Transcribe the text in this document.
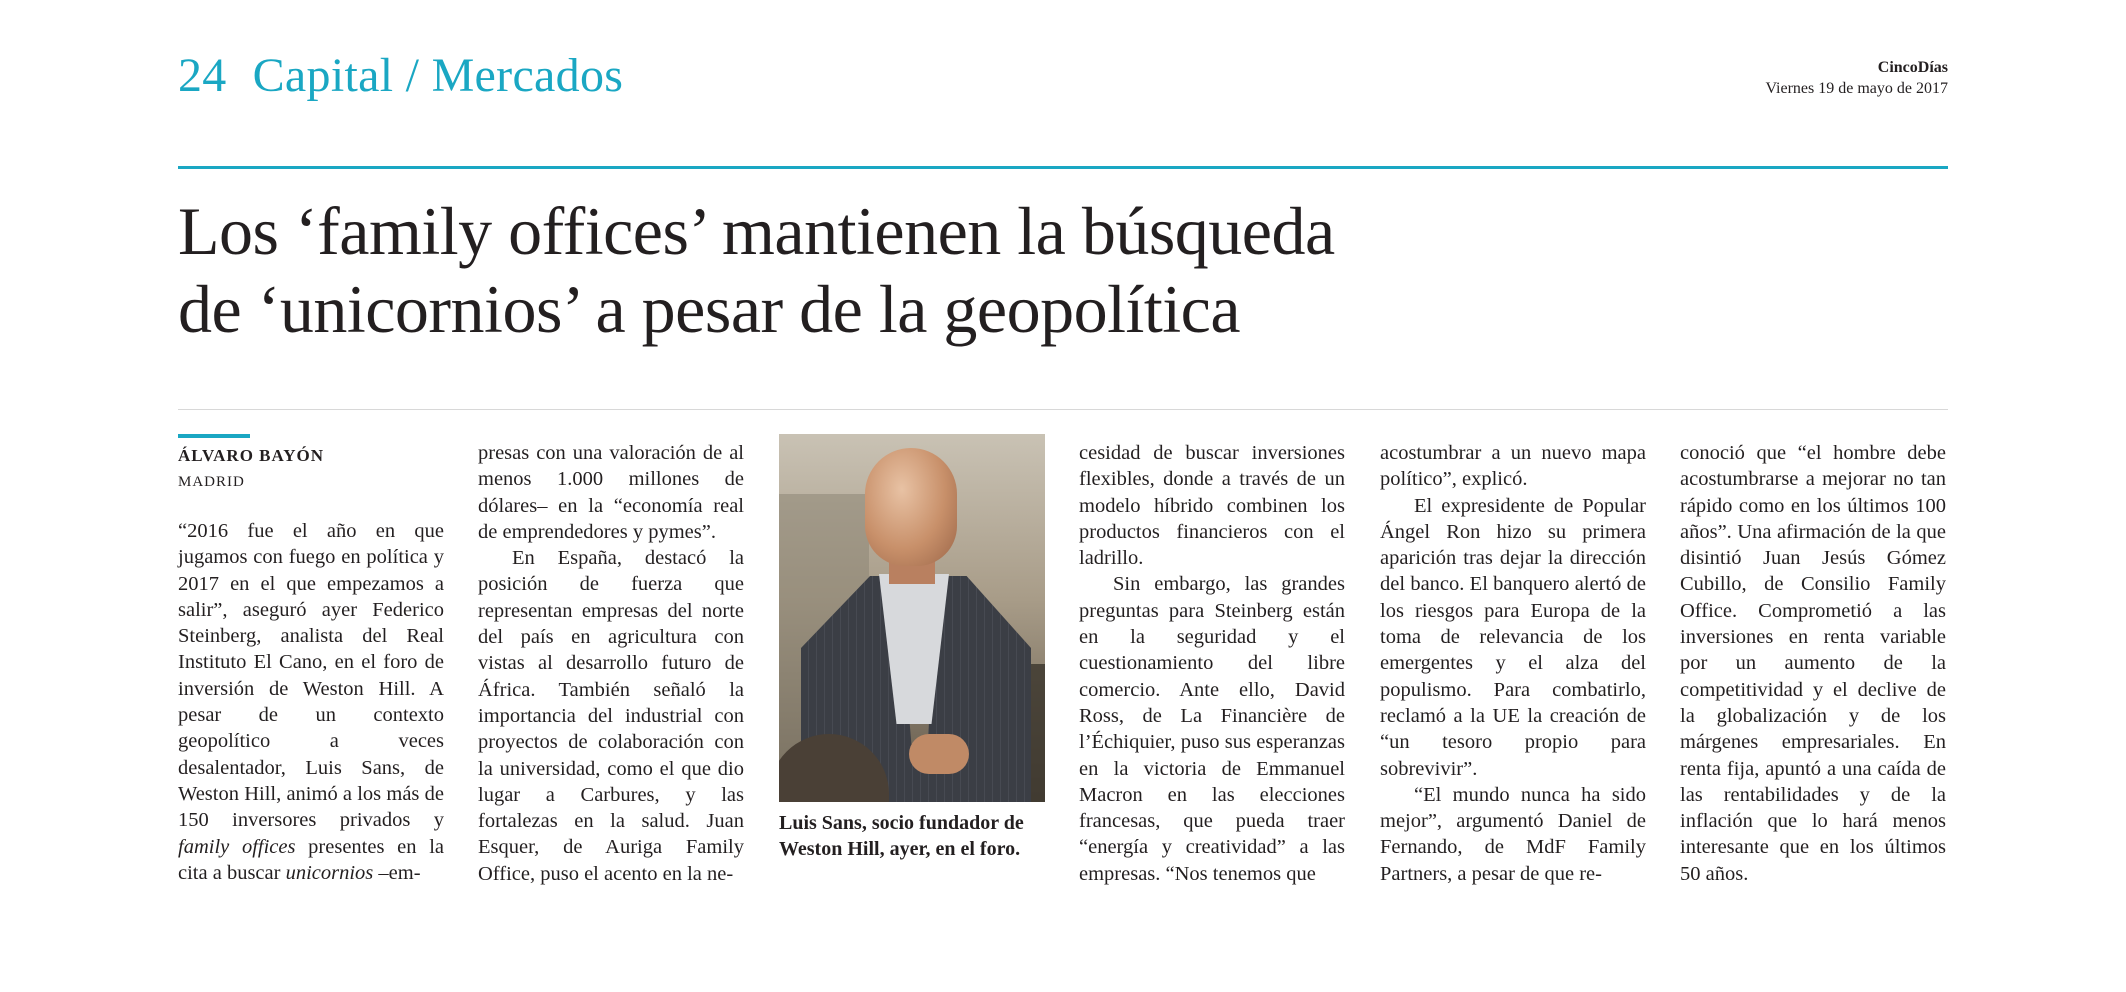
24 Capital / Mercados	CincoDías
Viernes 19 de mayo de 2017
Los ‘family offices’ mantienen la búsqueda
de ‘unicornios’ a pesar de la geopolítica
ÁLVARO BAYÓN
MADRID

“2016 fue el año en que jugamos con fuego en política y 2017 en el que empezamos a salir”, aseguró ayer Federico Steinberg, analista del Real Instituto El Cano, en el foro de inversión de Weston Hill. A pesar de un contexto geopolítico a veces desalentador, Luis Sans, de Weston Hill, animó a los más de 150 inversores privados y family offices presentes en la cita a buscar unicornios –em-

presas con una valoración de al menos 1.000 millones de dólares– en la “economía real de emprendedores y pymes”.

En España, destacó la posición de fuerza que representan empresas del norte del país en agricultura con vistas al desarrollo futuro de África. También señaló la importancia del industrial con proyectos de colaboración con la universidad, como el que dio lugar a Carbures, y las fortalezas en la salud. Juan Esquer, de Auriga Family Office, puso el acento en la ne-

Luis Sans, socio fundador de Weston Hill, ayer, en el foro.

cesidad de buscar inversiones flexibles, donde a través de un modelo híbrido combinen los productos financieros con el ladrillo.

Sin embargo, las grandes preguntas para Steinberg están en la seguridad y el cuestionamiento del libre comercio. Ante ello, David Ross, de La Financière de l’Échiquier, puso sus esperanzas en la victoria de Emmanuel Macron en las elecciones francesas, que pueda traer “energía y creatividad” a las empresas. “Nos tenemos que

acostumbrar a un nuevo mapa político”, explicó.

El expresidente de Popular Ángel Ron hizo su primera aparición tras dejar la dirección del banco. El banquero alertó de los riesgos para Europa de la toma de relevancia de los emergentes y el alza del populismo. Para combatirlo, reclamó a la UE la creación de “un tesoro propio para sobrevivir”.

“El mundo nunca ha sido mejor”, argumentó Daniel de Fernando, de MdF Family Partners, a pesar de que re-

conoció que “el hombre debe acostumbrarse a mejorar no tan rápido como en los últimos 100 años”. Una afirmación de la que disintió Juan Jesús Gómez Cubillo, de Consilio Family Office. Comprometió a las inversiones en renta variable por un aumento de la competitividad y el declive de la globalización y de los márgenes empresariales. En renta fija, apuntó a una caída de las rentabilidades y de la inflación que lo hará menos interesante que en los últimos 50 años.
